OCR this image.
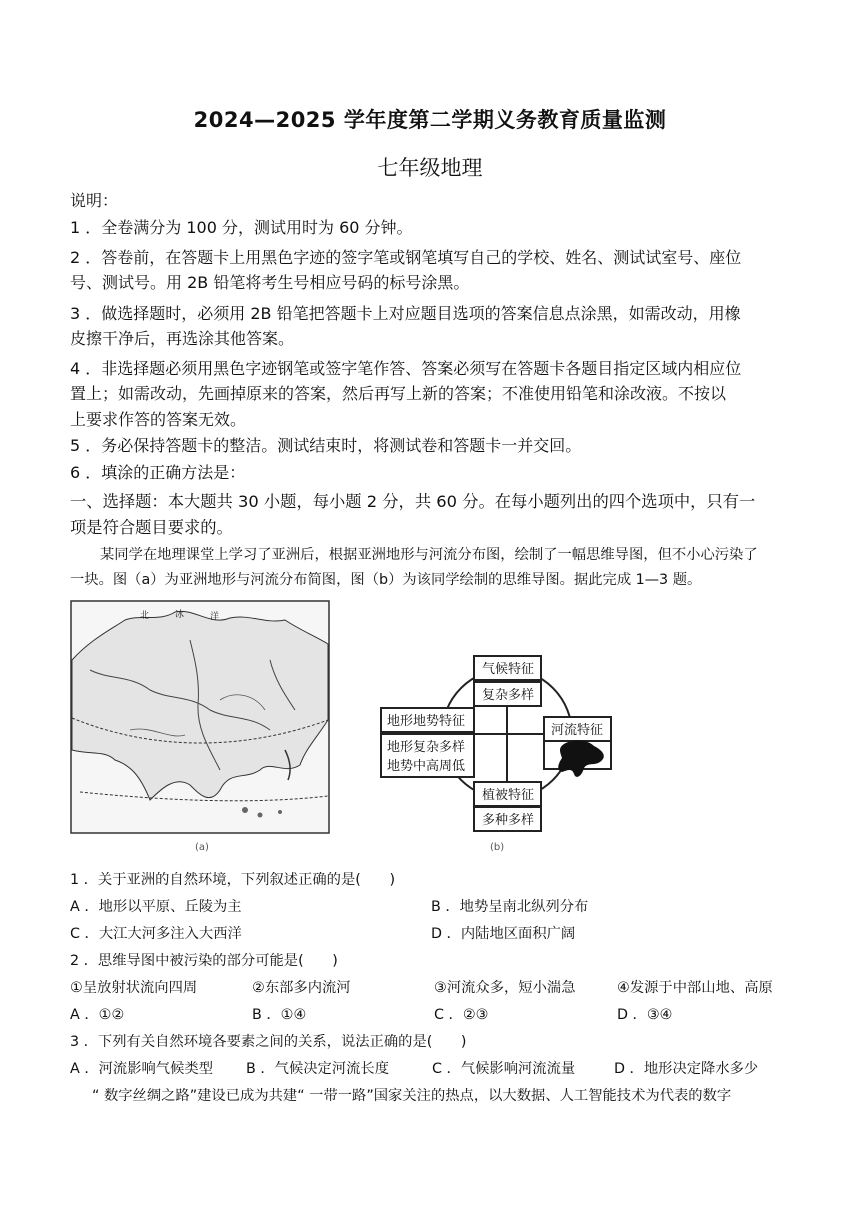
2024—2025 学年度第二学期义务教育质量监测
七年级地理
说明：
1 ．全卷满分为 100 分，测试用时为 60 分钟。
2 ．答卷前，在答题卡上用黑色字迹的签字笔或钢笔填写自己的学校、姓名、测试试室号、座位
号、测试号。用 2B 铅笔将考生号相应号码的标号涂黑。
3 ．做选择题时，必须用 2B 铅笔把答题卡上对应题目选项的答案信息点涂黑，如需改动，用橡
皮擦干净后，再选涂其他答案。
4 ．非选择题必须用黑色字迹钢笔或签字笔作答、答案必须写在答题卡各题目指定区域内相应位
置上；如需改动，先画掉原来的答案，然后再写上新的答案；不准使用铅笔和涂改液。不按以
上要求作答的答案无效。
5 ．务必保持答题卡的整洁。测试结束时，将测试卷和答题卡一并交回。
6 ．填涂的正确方法是：
一、选择题：本大题共 30 小题，每小题 2 分，共 60 分。在每小题列出的四个选项中，只有一
项是符合题目要求的。
某同学在地理课堂上学习了亚洲后，根据亚洲地形与河流分布图，绘制了一幅思维导图，但不小心污染了
一块。图（a）为亚洲地形与河流分布简图，图（b）为该同学绘制的思维导图。据此完成 1—3 题。
北	冰	洋
(a)
气候特征
复杂多样
地形地势特征
地形复杂多样
地势中高周低
河流特征
植被特征
多种多样
(b)
1 ．关于亚洲的自然环境，下列叙述正确的是(　　)
A ．地形以平原、丘陵为主	B ．地势呈南北纵列分布
C ．大江大河多注入大西洋	D ．内陆地区面积广阔
2 ．思维导图中被污染的部分可能是(　　)
①呈放射状流向四周	②东部多内流河	③河流众多，短小湍急	④发源于中部山地、高原
A ．①②	B ．①④	C ．②③	D ．③④
3 ．下列有关自然环境各要素之间的关系，说法正确的是(　　)
A ．河流影响气候类型 B ．气候决定河流长度	C ．气候影响河流流量	D ．地形决定降水多少
“ 数字丝绸之路”建设已成为共建“ 一带一路”国家关注的热点，以大数据、人工智能技术为代表的数字
